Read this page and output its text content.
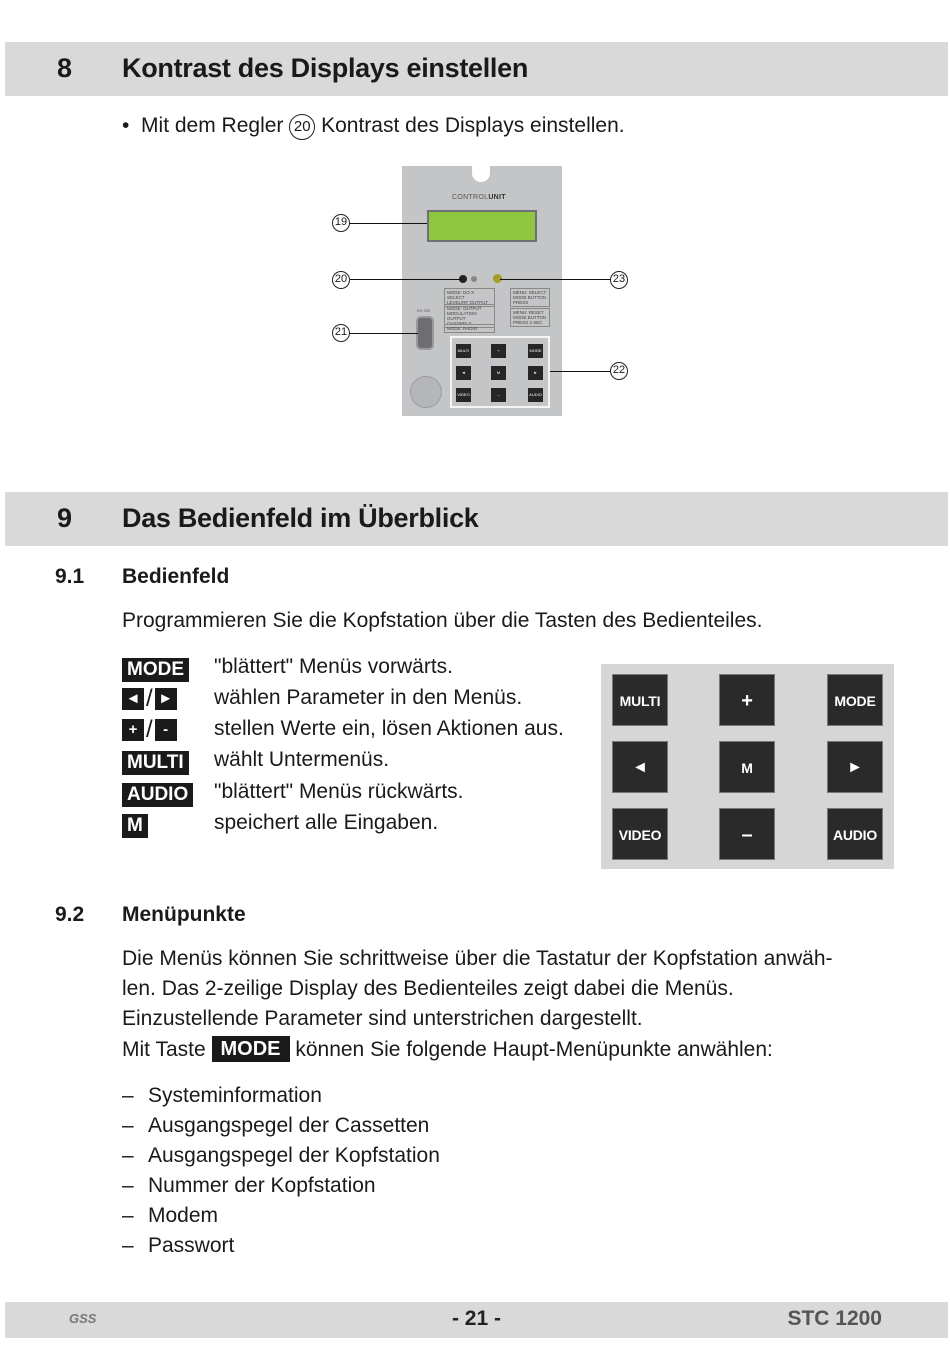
8 Kontrast des Displays einstellen
• Mit dem Regler 20 Kontrast des Displays einstellen.
CONTROLUNIT
MODE: DO X SELECT
LEVEL/RF OUTPUT
MENU: SELECT
MODE BUTTON
PRESS
MODE: OUTPUT
MODULATION OUTPUT
CHANNELS
MENU: RESET
MODE BUTTON
PRESS 2 SEC
MODE: RADIO
RS 232
MULTI	+	MODE
◄	M	►
VIDEO	–	AUDIO
19
20
21
22
23
9 Das Bedienfeld im Überblick
9.1 Bedienfeld
Programmieren Sie die Kopfstation über die Tasten des Bedienteiles.
MODE "blättert" Menüs vorwärts.
◄ / ► wählen Parameter in den Menüs.
+ / - stellen Werte ein, lösen Aktionen aus.
MULTI wählt Untermenüs.
AUDIO "blättert" Menüs rückwärts.
M	speichert alle Eingaben.
MULTI	+	MODE
◄	M	►
VIDEO	–	AUDIO
9.2 Menüpunkte
Die Menüs können Sie schrittweise über die Tastatur der Kopfstation anwäh-
len. Das 2-zeilige Display des Bedienteiles zeigt dabei die Menüs.
Einzustellende Parameter sind unterstrichen dargestellt.
Mit Taste MODE können Sie folgende Haupt-Menüpunkte anwählen:
– Systeminformation
– Ausgangspegel der Cassetten
– Ausgangspegel der Kopfstation
– Nummer der Kopfstation
– Modem
– Passwort
GSS	- 21 -	STC 1200
